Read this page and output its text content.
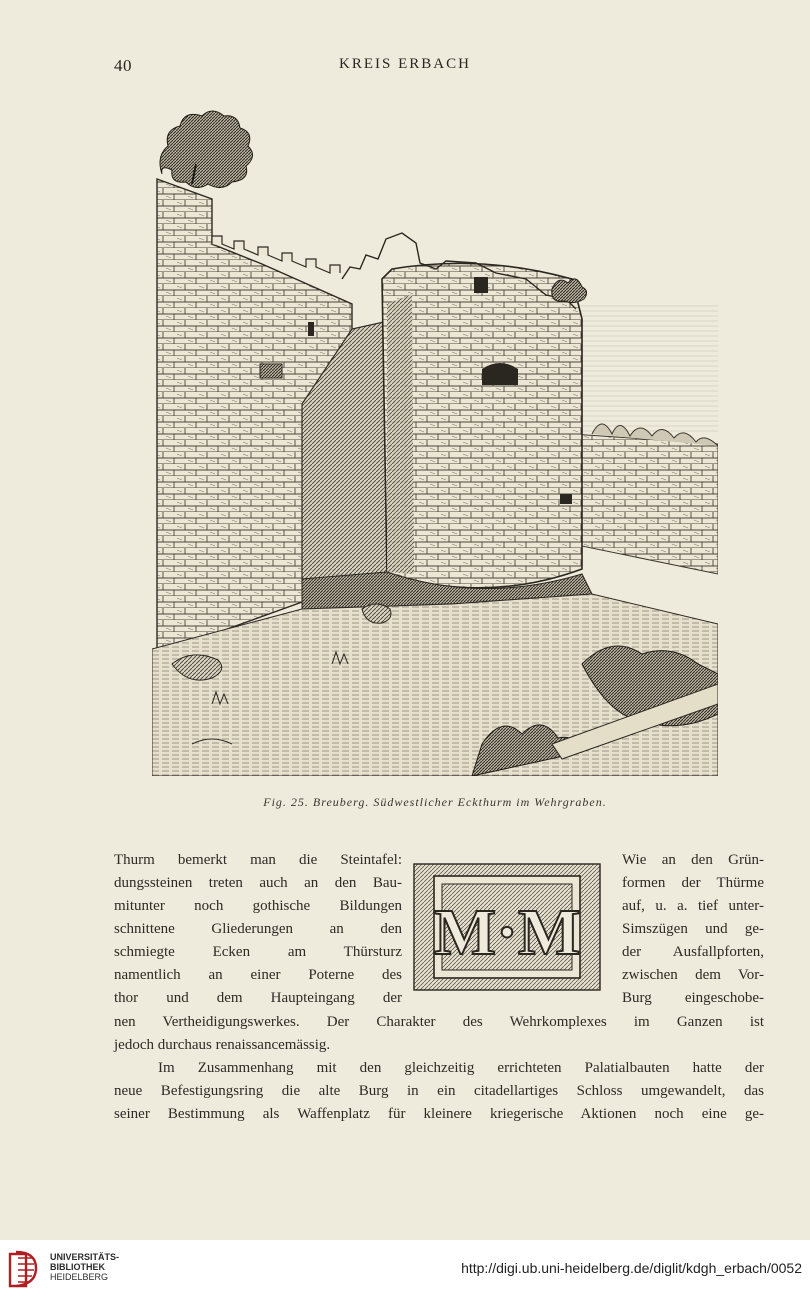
40	KREIS ERBACH
Fig. 25. Breuberg. Südwestlicher Eckthurm im Wehrgraben.
M·M
Thurm bemerkt man die Steintafel:
dungssteinen treten auch an den Bau-
mitunter noch gothische Bildungen
schnittene Gliederungen an den
schmiegte Ecken am Thürsturz
namentlich an einer Poterne des
thor und dem Haupteingang der
Wie an den Grün-
formen der Thürme
auf, u. a. tief unter-
Simszügen und ge-
der Ausfallpforten,
zwischen dem Vor-
Burg eingeschobe-
nen Vertheidigungswerkes. Der Charakter des Wehrkomplexes im Ganzen ist
jedoch durchaus renaissancemässig.
Im Zusammenhang mit den gleichzeitig errichteten Palatialbauten hatte der
neue Befestigungsring die alte Burg in ein citadellartiges Schloss umgewandelt, das
seiner Bestimmung als Waffenplatz für kleinere kriegerische Aktionen noch eine ge-
UNIVERSITÄTS-
BIBLIOTHEK
HEIDELBERG
http://digi.ub.uni-heidelberg.de/diglit/kdgh_erbach/0052
